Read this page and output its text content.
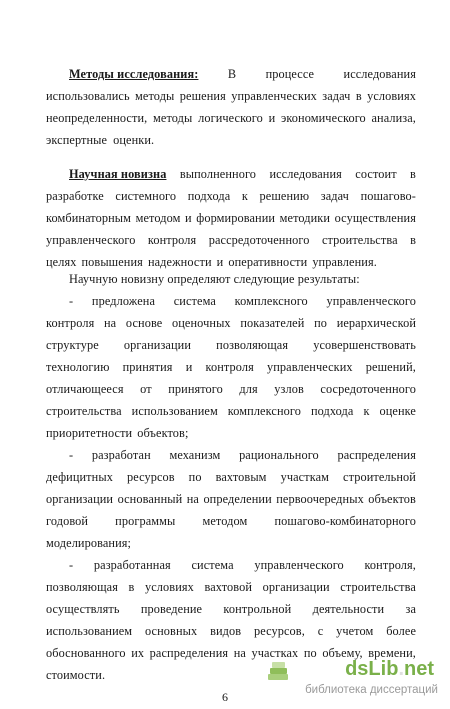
Методы исследования: В процессе исследования
использовались методы решения управленческих задач в условиях
неопределенности, методы логического и экономического анализа,
экспертные оценки.
Научная новизна выполненного исследования состоит в
разработке системного подхода к решению задач пошагово-
комбинаторным методом и формировании методики осуществления
управленческого контроля рассредоточенного строительства в
целях повышения надежности и оперативности управления.
Научную новизну определяют следующие результаты:
- предложена система комплексного управленческого
контроля на основе оценочных показателей по иерархической
структуре организации позволяющая усовершенствовать
технологию принятия и контроля управленческих решений,
отличающееся от принятого для узлов сосредоточенного
строительства использованием комплексного подхода к оценке
приоритетности объектов;
- разработан механизм рационального распределения
дефицитных ресурсов по вахтовым участкам строительной
организации основанный на определении первоочередных объектов
годовой программы методом пошагово-комбинаторного
моделирования;
- разработанная система управленческого контроля,
позволяющая в условиях вахтовой организации строительства
осуществлять проведение контрольной деятельности за
использованием основных видов ресурсов, с учетом более
обоснованного их распределения на участках по объему, времени,
стоимости.
6
dsLib.net
библиотека диссертаций
